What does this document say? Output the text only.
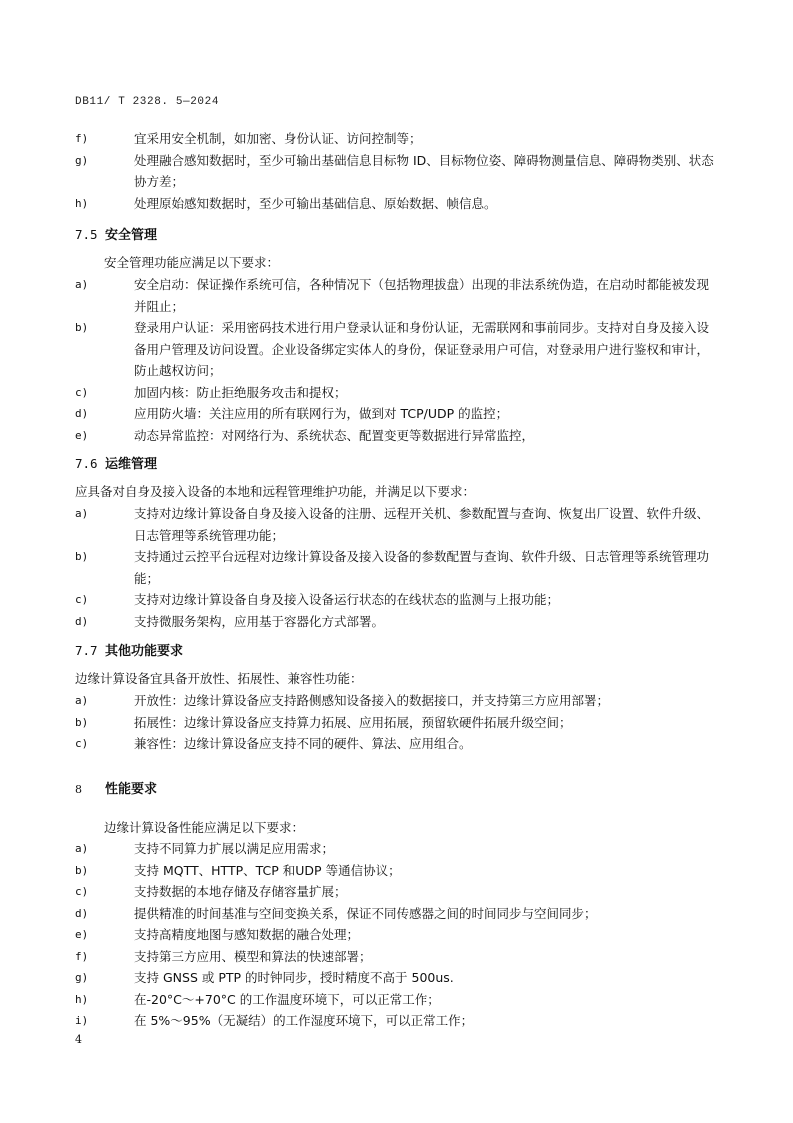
DB11/ T 2328. 5—2024
f)	宜采用安全机制，如加密、身份认证、访问控制等；
g)	处理融合感知数据时，至少可输出基础信息目标物 ID、目标物位姿、障碍物测量信息、障碍物类别、状态协方差；
h)	处理原始感知数据时，至少可输出基础信息、原始数据、帧信息。
7.5 安全管理
安全管理功能应满足以下要求：
a)	安全启动：保证操作系统可信，各种情况下（包括物理拔盘）出现的非法系统伪造，在启动时都能被发现并阻止；
b)	登录用户认证：采用密码技术进行用户登录认证和身份认证，无需联网和事前同步。支持对自身及接入设备用户管理及访问设置。企业设备绑定实体人的身份，保证登录用户可信，对登录用户进行鉴权和审计，防止越权访问；
c)	加固内核：防止拒绝服务攻击和提权；
d)	应用防火墙：关注应用的所有联网行为，做到对 TCP/UDP 的监控；
e)	动态异常监控：对网络行为、系统状态、配置变更等数据进行异常监控，
7.6 运维管理
应具备对自身及接入设备的本地和远程管理维护功能，并满足以下要求：
a)	支持对边缘计算设备自身及接入设备的注册、远程开关机、参数配置与查询、恢复出厂设置、软件升级、日志管理等系统管理功能；
b)	支持通过云控平台远程对边缘计算设备及接入设备的参数配置与查询、软件升级、日志管理等系统管理功能；
c)	支持对边缘计算设备自身及接入设备运行状态的在线状态的监测与上报功能；
d)	支持微服务架构，应用基于容器化方式部署。
7.7 其他功能要求
边缘计算设备宜具备开放性、拓展性、兼容性功能：
a)	开放性：边缘计算设备应支持路侧感知设备接入的数据接口，并支持第三方应用部署；
b)	拓展性：边缘计算设备应支持算力拓展、应用拓展，预留软硬件拓展升级空间；
c)	兼容性：边缘计算设备应支持不同的硬件、算法、应用组合。
8 性能要求
边缘计算设备性能应满足以下要求：
a)	支持不同算力扩展以满足应用需求；
b)	支持 MQTT、HTTP、TCP 和UDP 等通信协议；
c)	支持数据的本地存储及存储容量扩展；
d)	提供精准的时间基准与空间变换关系，保证不同传感器之间的时间同步与空间同步；
e)	支持高精度地图与感知数据的融合处理；
f)	支持第三方应用、模型和算法的快速部署；
g)	支持 GNSS 或 PTP 的时钟同步，授时精度不高于 500us.
h)	在-20°C～+70°C 的工作温度环境下，可以正常工作；
i)	在 5%～95%（无凝结）的工作湿度环境下，可以正常工作；
4
